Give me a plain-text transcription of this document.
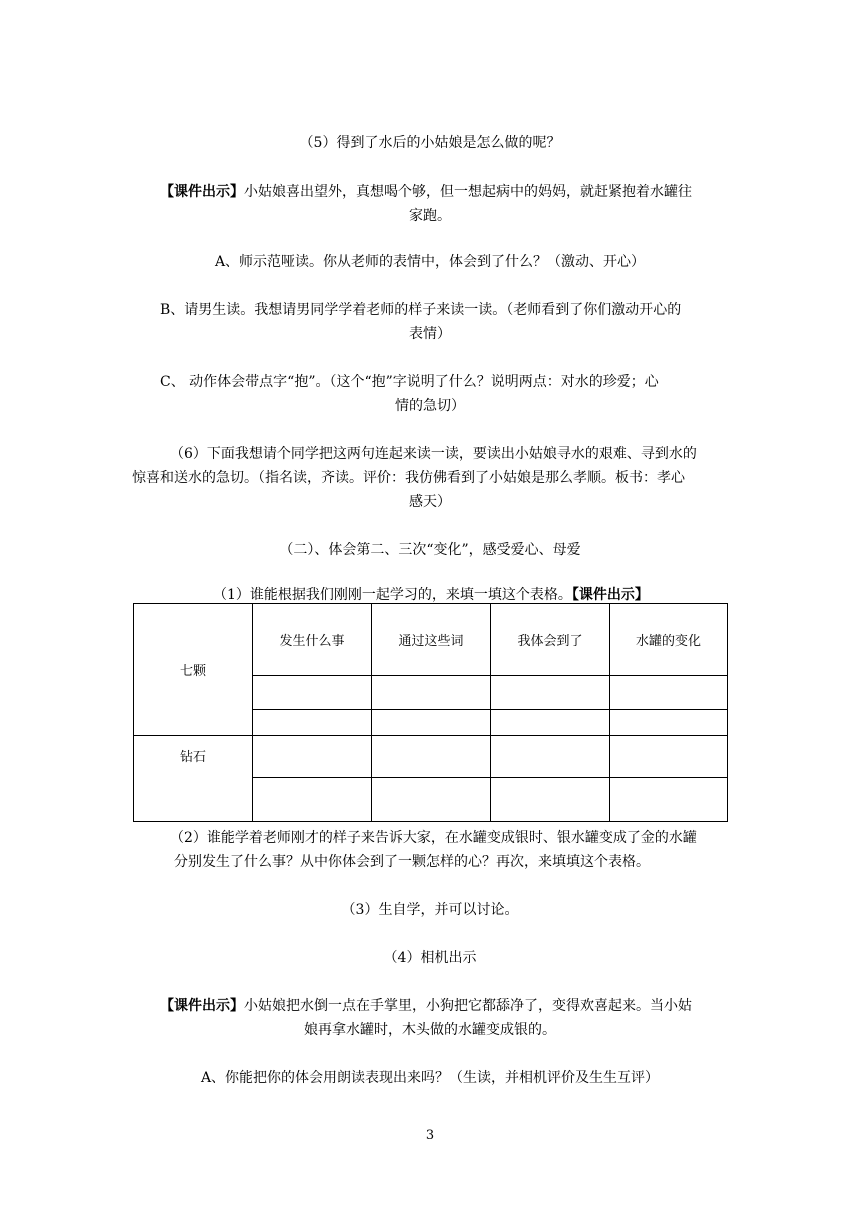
（5）得到了水后的小姑娘是怎么做的呢？

【课件出示】小姑娘喜出望外，真想喝个够，但一想起病中的妈妈，就赶紧抱着水罐往

家跑。

A、师示范哑读。你从老师的表情中，体会到了什么？（激动、开心）

B、请男生读。我想请男同学学着老师的样子来读一读。（老师看到了你们激动开心的

表情）

C、 动作体会带点字“抱”。（这个“抱”字说明了什么？说明两点：对水的珍爱；心

情的急切）

（6）下面我想请个同学把这两句连起来读一读，要读出小姑娘寻水的艰难、寻到水的

惊喜和送水的急切。（指名读，齐读。评价：我仿佛看到了小姑娘是那么孝顺。板书：孝心

感天）

（二）、体会第二、三次“变化”，感受爱心、母爱

（1）谁能根据我们刚刚一起学习的，来填一填这个表格。【课件出示】

七颗	发生什么事	通过这些词	我体会到了	水罐的变化

钻石				

（2）谁能学着老师刚才的样子来告诉大家，在水罐变成银时、银水罐变成了金的水罐

分别发生了什么事？从中你体会到了一颗怎样的心？再次，来填填这个表格。

（3）生自学，并可以讨论。

（4）相机出示

【课件出示】小姑娘把水倒一点在手掌里，小狗把它都舔净了，变得欢喜起来。当小姑

娘再拿水罐时，木头做的水罐变成银的。

A、你能把你的体会用朗读表现出来吗？（生读，并相机评价及生生互评）

3
